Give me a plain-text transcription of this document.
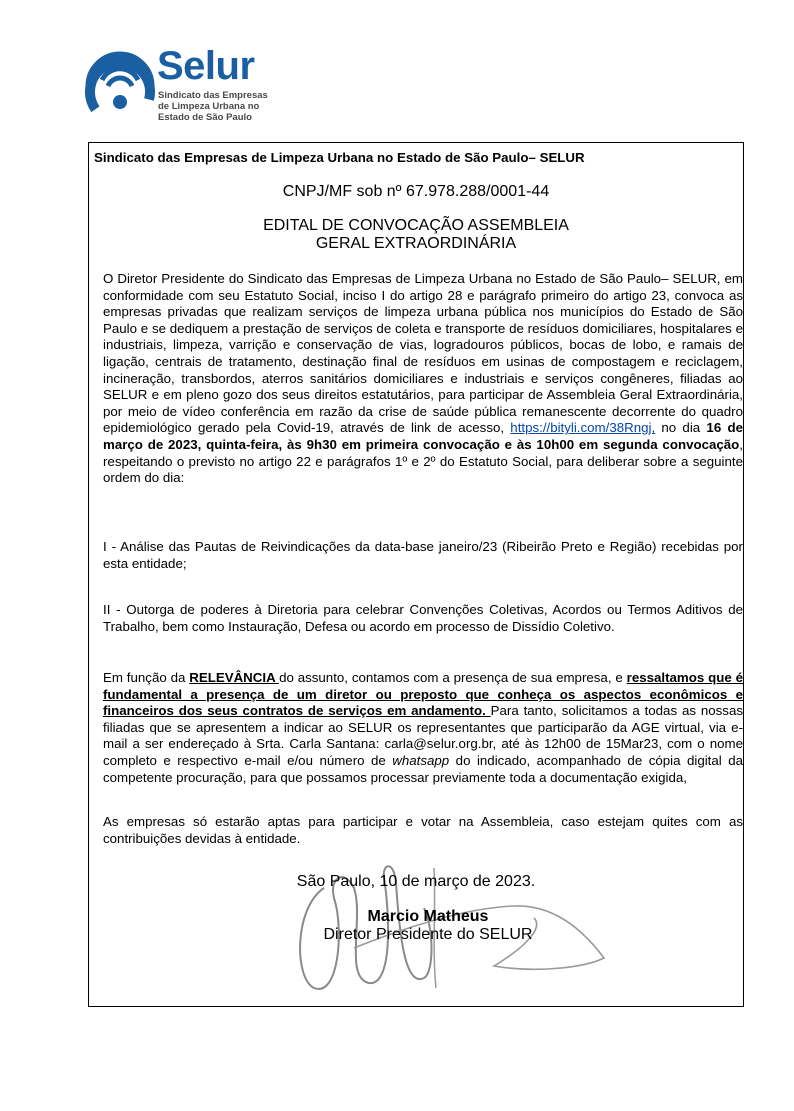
Selur
Sindicato das Empresas
de Limpeza Urbana no
Estado de São Paulo
Sindicato das Empresas de Limpeza Urbana no Estado de São Paulo– SELUR
CNPJ/MF sob nº 67.978.288/0001-44
EDITAL DE CONVOCAÇÃO ASSEMBLEIA
GERAL EXTRAORDINÁRIA
O Diretor Presidente do Sindicato das Empresas de Limpeza Urbana no Estado de São Paulo– SELUR, em conformidade com seu Estatuto Social, inciso I do artigo 28 e parágrafo primeiro do artigo 23, convoca as empresas privadas que realizam serviços de limpeza urbana pública nos municípios do Estado de São Paulo e se dediquem a prestação de serviços de coleta e transporte de resíduos domiciliares, hospitalares e industriais, limpeza, varrição e conservação de vias, logradouros públicos, bocas de lobo, e ramais de ligação, centrais de tratamento, destinação final de resíduos em usinas de compostagem e reciclagem, incineração, transbordos, aterros sanitários domiciliares e industriais e serviços congêneres, filiadas ao SELUR e em pleno gozo dos seus direitos estatutários, para participar de Assembleia Geral Extraordinária, por meio de vídeo conferência em razão da crise de saúde pública remanescente decorrente do quadro epidemiológico gerado pela Covid-19, através de link de acesso, https://bityli.com/38Rngj, no dia 16 de março de 2023, quinta-feira, às 9h30 em primeira convocação e às 10h00 em segunda convocação, respeitando o previsto no artigo 22 e parágrafos 1º e 2º do Estatuto Social, para deliberar sobre a seguinte ordem do dia:
I - Análise das Pautas de Reivindicações da data-base janeiro/23 (Ribeirão Preto e Região) recebidas por esta entidade;
II - Outorga de poderes à Diretoria para celebrar Convenções Coletivas, Acordos ou Termos Aditivos de Trabalho, bem como Instauração, Defesa ou acordo em processo de Dissídio Coletivo.
Em função da RELEVÂNCIA do assunto, contamos com a presença de sua empresa, e ressaltamos que é fundamental a presença de um diretor ou preposto que conheça os aspectos econômicos e financeiros dos seus contratos de serviços em andamento. Para tanto, solicitamos a todas as nossas filiadas que se apresentem a indicar ao SELUR os representantes que participarão da AGE virtual, via e-mail a ser endereçado à Srta. Carla Santana: carla@selur.org.br, até às 12h00 de 15Mar23, com o nome completo e respectivo e-mail e/ou número de whatsapp do indicado, acompanhado de cópia digital da competente procuração, para que possamos processar previamente toda a documentação exigida,
As empresas só estarão aptas para participar e votar na Assembleia, caso estejam quites com as contribuições devidas à entidade.
São Paulo, 10 de março de 2023.
Marcio Matheus
Diretor Presidente do SELUR
